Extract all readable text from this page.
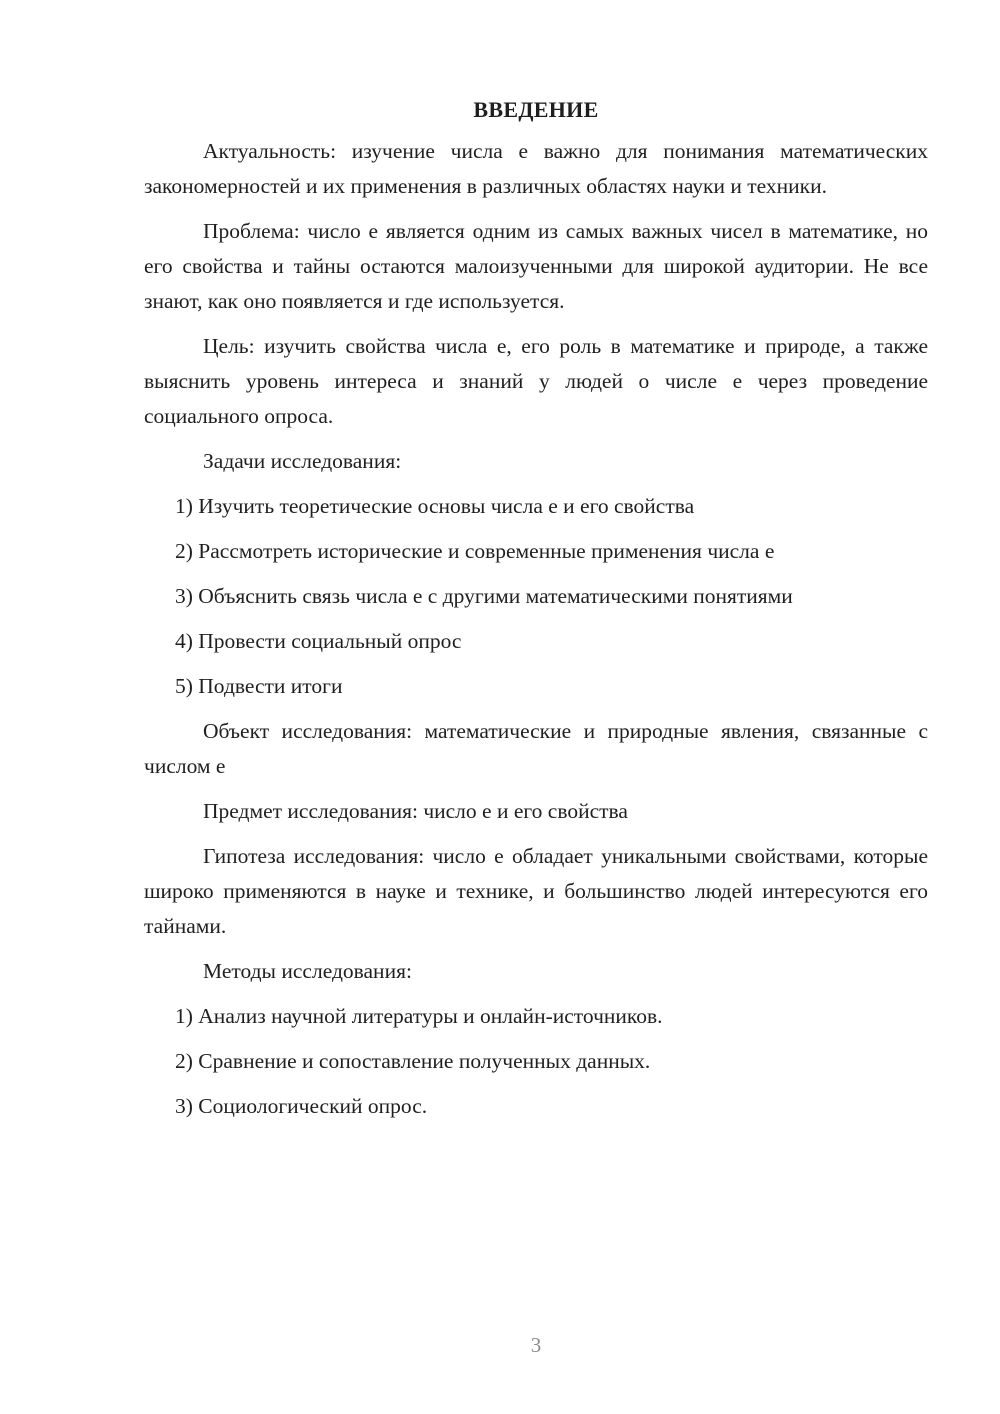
ВВЕДЕНИЕ

Актуальность: изучение числа e важно для понимания математических закономерностей и их применения в различных областях науки и техники.

Проблема: число e является одним из самых важных чисел в математике, но его свойства и тайны остаются малоизученными для широкой аудитории. Не все знают, как оно появляется и где используется.

Цель: изучить свойства числа e, его роль в математике и природе, а также выяснить уровень интереса и знаний у людей о числе e через проведение социального опроса.

Задачи исследования:

1) Изучить теоретические основы числа e и его свойства
2) Рассмотреть исторические и современные применения числа e
3) Объяснить связь числа e с другими математическими понятиями
4) Провести социальный опрос
5) Подвести итоги

Объект исследования: математические и природные явления, связанные с числом e

Предмет исследования: число e и его свойства

Гипотеза исследования: число e обладает уникальными свойствами, которые широко применяются в науке и технике, и большинство людей интересуются его тайнами.

Методы исследования:

1) Анализ научной литературы и онлайн-источников.
2) Сравнение и сопоставление полученных данных.
3) Социологический опрос.
3
